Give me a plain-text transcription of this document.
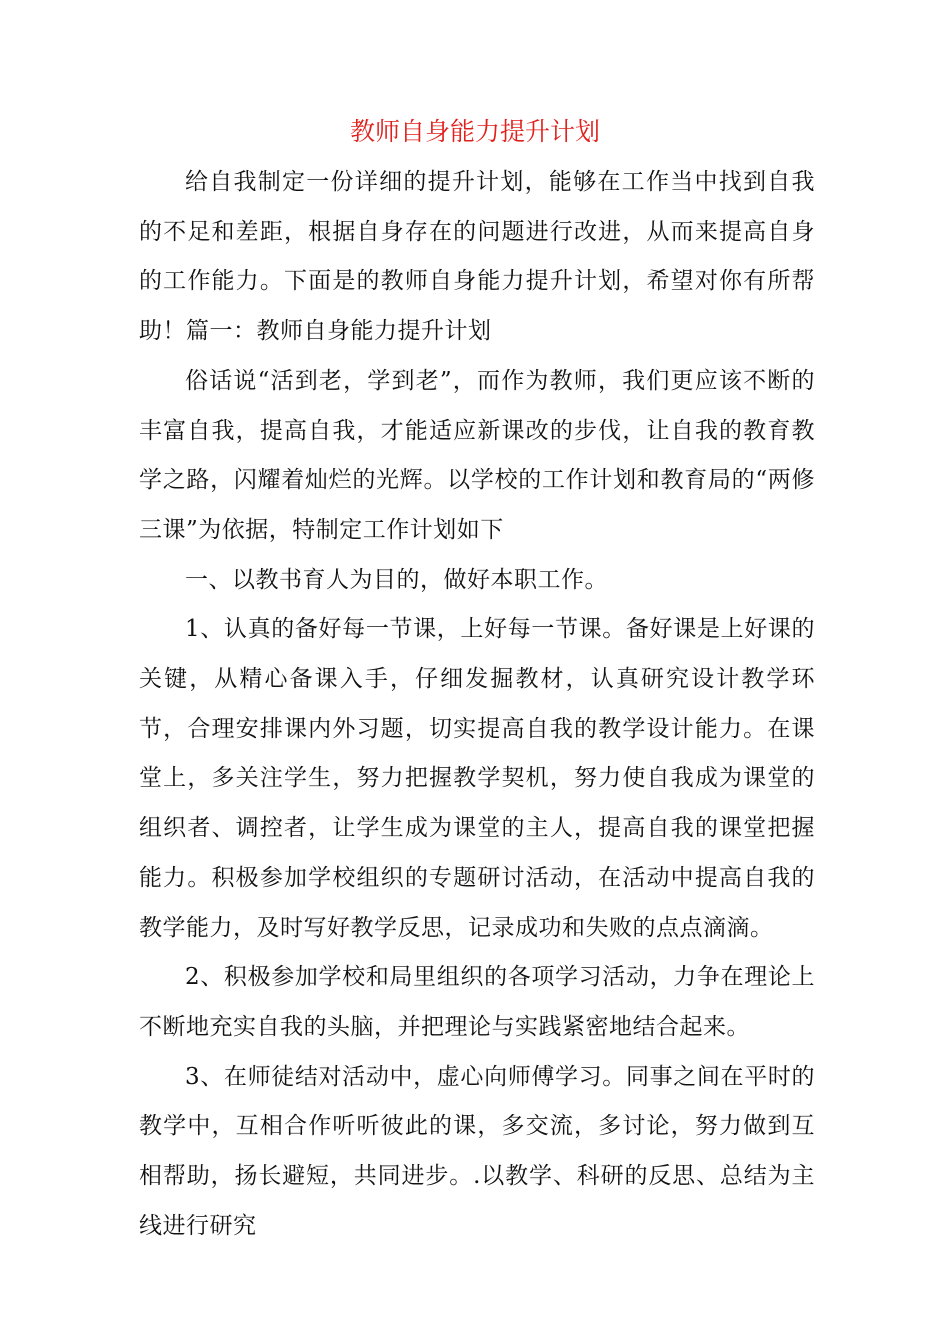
教师自身能力提升计划

给自我制定一份详细的提升计划，能够在工作当中找到自我的不足和差距，根据自身存在的问题进行改进，从而来提高自身的工作能力。下面是的教师自身能力提升计划，希望对你有所帮助！篇一：教师自身能力提升计划

俗话说“活到老，学到老”，而作为教师，我们更应该不断的丰富自我，提高自我，才能适应新课改的步伐，让自我的教育教学之路，闪耀着灿烂的光辉。以学校的工作计划和教育局的“两修三课”为依据，特制定工作计划如下

一、以教书育人为目的，做好本职工作。

1、认真的备好每一节课，上好每一节课。备好课是上好课的关键，从精心备课入手，仔细发掘教材，认真研究设计教学环节，合理安排课内外习题，切实提高自我的教学设计能力。在课堂上，多关注学生，努力把握教学契机，努力使自我成为课堂的组织者、调控者，让学生成为课堂的主人，提高自我的课堂把握能力。积极参加学校组织的专题研讨活动，在活动中提高自我的教学能力，及时写好教学反思，记录成功和失败的点点滴滴。

2、积极参加学校和局里组织的各项学习活动，力争在理论上不断地充实自我的头脑，并把理论与实践紧密地结合起来。

3、在师徒结对活动中，虚心向师傅学习。同事之间在平时的教学中，互相合作听听彼此的课，多交流，多讨论，努力做到互相帮助，扬长避短，共同进步。.以教学、科研的反思、总结为主线进行研究
